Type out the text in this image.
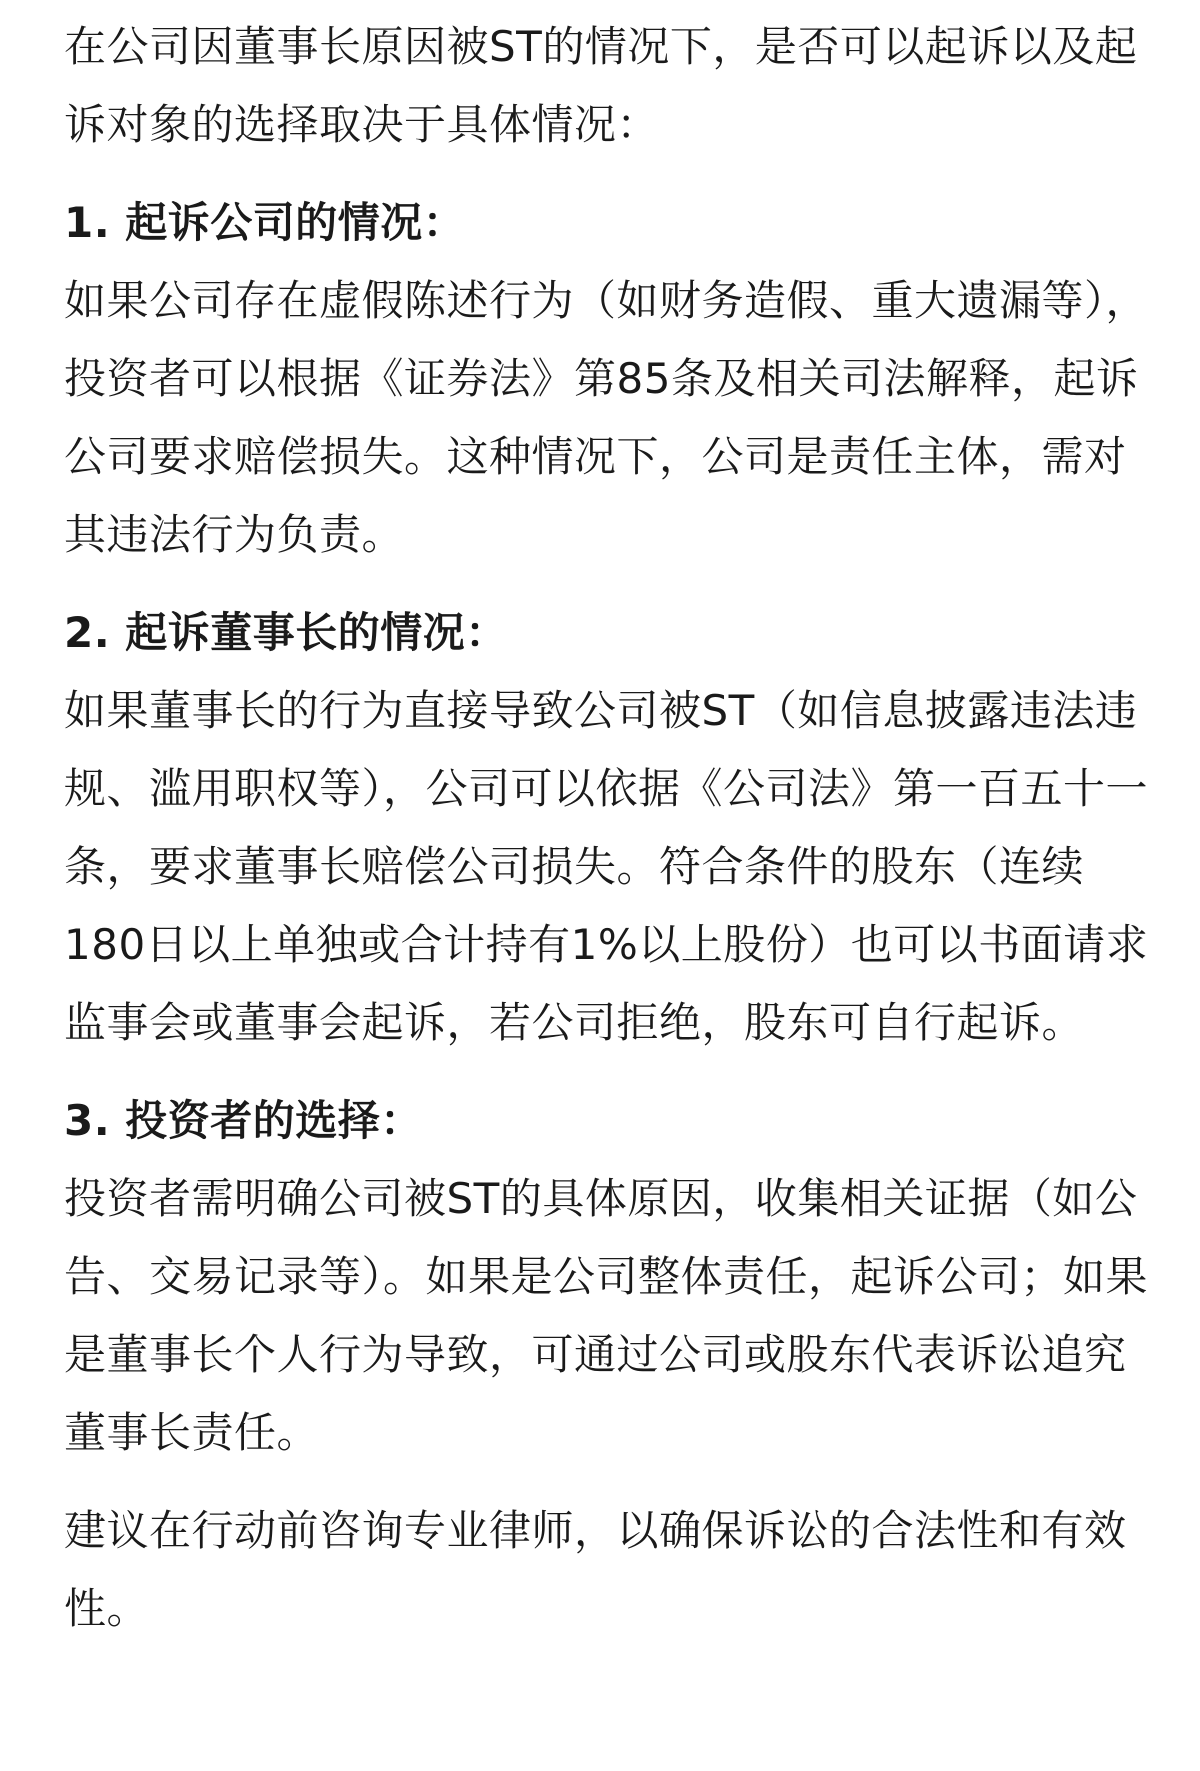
在公司因董事长原因被ST的情况下，是否可以起诉以及起诉对象的选择取决于具体情况：

1. 起诉公司的情况：

如果公司存在虚假陈述行为（如财务造假、重大遗漏等），投资者可以根据《证券法》第85条及相关司法解释，起诉公司要求赔偿损失。这种情况下，公司是责任主体，需对其违法行为负责。

2. 起诉董事长的情况：

如果董事长的行为直接导致公司被ST（如信息披露违法违规、滥用职权等），公司可以依据《公司法》第一百五十一条，要求董事长赔偿公司损失。符合条件的股东（连续180日以上单独或合计持有1%以上股份）也可以书面请求监事会或董事会起诉，若公司拒绝，股东可自行起诉。

3. 投资者的选择：

投资者需明确公司被ST的具体原因，收集相关证据（如公告、交易记录等）。如果是公司整体责任，起诉公司；如果是董事长个人行为导致，可通过公司或股东代表诉讼追究董事长责任。

建议在行动前咨询专业律师，以确保诉讼的合法性和有效性。
